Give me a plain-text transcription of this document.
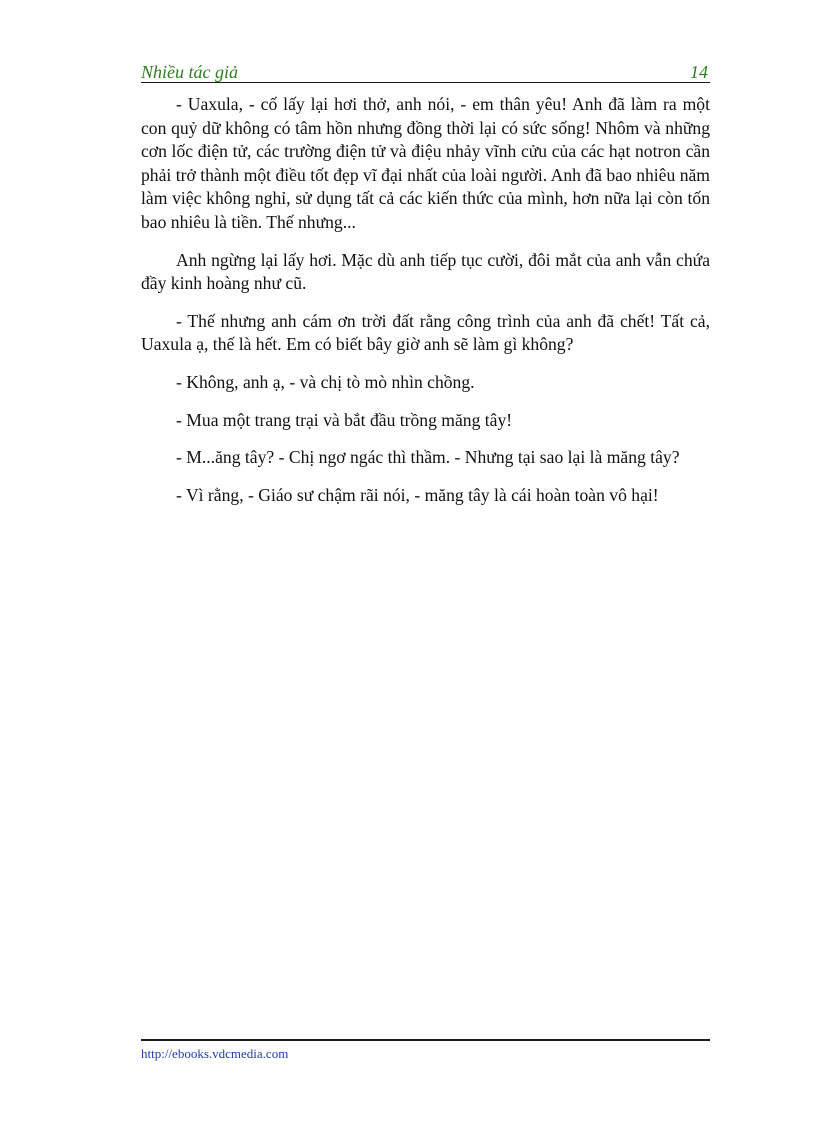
Nhiều tác giả	14

- Uaxula, - cố lấy lại hơi thở, anh nói, - em thân yêu! Anh đã làm ra một con quỷ dữ không có tâm hồn nhưng đồng thời lại có sức sống! Nhôm và những cơn lốc điện tử, các trường điện tử và điệu nhảy vĩnh cửu của các hạt notron cần phải trở thành một điều tốt đẹp vĩ đại nhất của loài người. Anh đã bao nhiêu năm làm việc không nghỉ, sử dụng tất cả các kiến thức của mình, hơn nữa lại còn tốn bao nhiêu là tiền. Thế nhưng...

Anh ngừng lại lấy hơi. Mặc dù anh tiếp tục cười, đôi mắt của anh vẫn chứa đầy kinh hoàng như cũ.

- Thế nhưng anh cám ơn trời đất rằng công trình của anh đã chết! Tất cả, Uaxula ạ, thế là hết. Em có biết bây giờ anh sẽ làm gì không?

- Không, anh ạ, - và chị tò mò nhìn chồng.

- Mua một trang trại và bắt đầu trồng măng tây!

- M...ăng tây? - Chị ngơ ngác thì thầm. - Nhưng tại sao lại là măng tây?

- Vì rằng, - Giáo sư chậm rãi nói, - măng tây là cái hoàn toàn vô hại!

http://ebooks.vdcmedia.com
